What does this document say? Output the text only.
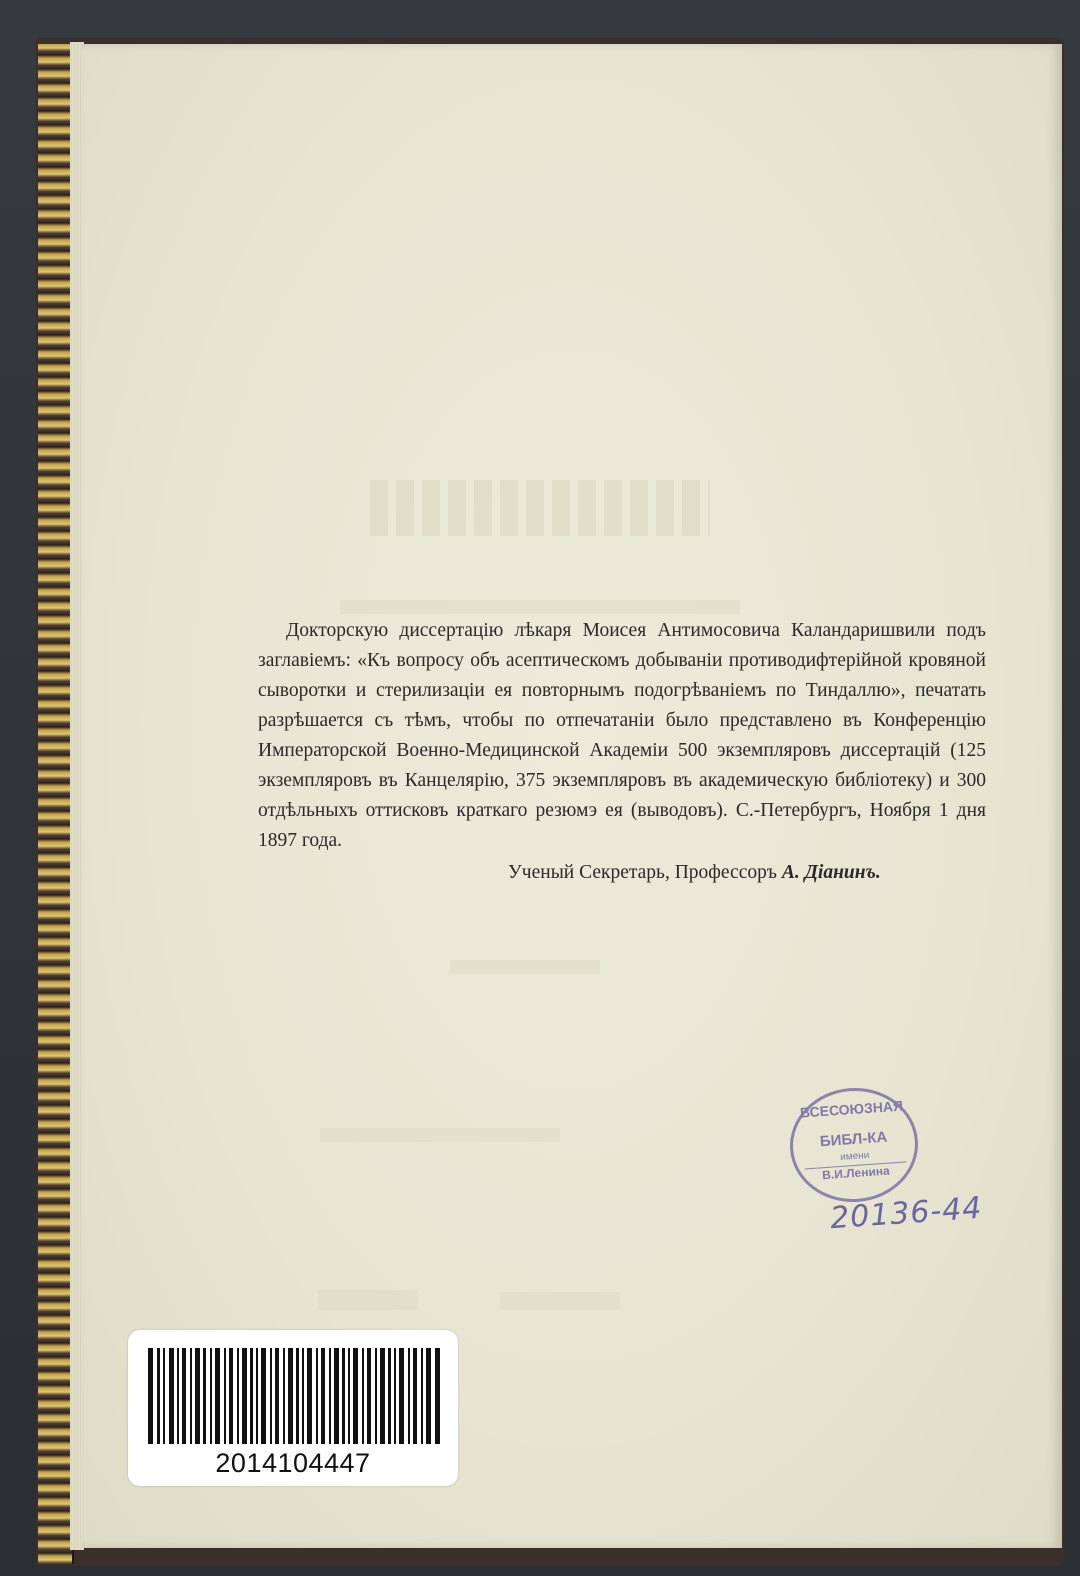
Докторскую диссертацію лѣкаря Моисея Антимосовича Каландаришвили подъ заглавіемъ: «Къ вопросу объ асептическомъ добываніи противодифтерійной кровяной сыворотки и стерилизаціи ея повторнымъ подогрѣваніемъ по Тиндаллю», печатать разрѣшается съ тѣмъ, чтобы по отпечатаніи было представлено въ Конференцію Императорской Военно-Медицинской Академіи 500 экземпляровъ диссертацій (125 экземпляровъ въ Канцелярію, 375 экземпляровъ въ академическую библіотеку) и 300 отдѣльныхъ оттисковъ краткаго резюмэ ея (выводовъ). С.-Петербургъ, Ноября 1 дня 1897 года.

Ученый Секретарь, Профессоръ А. Діанинъ.
ВСЕСОЮЗНАЯ
БИБЛ-КА
имени
В.И.Ленина
20136-44
2014104447
